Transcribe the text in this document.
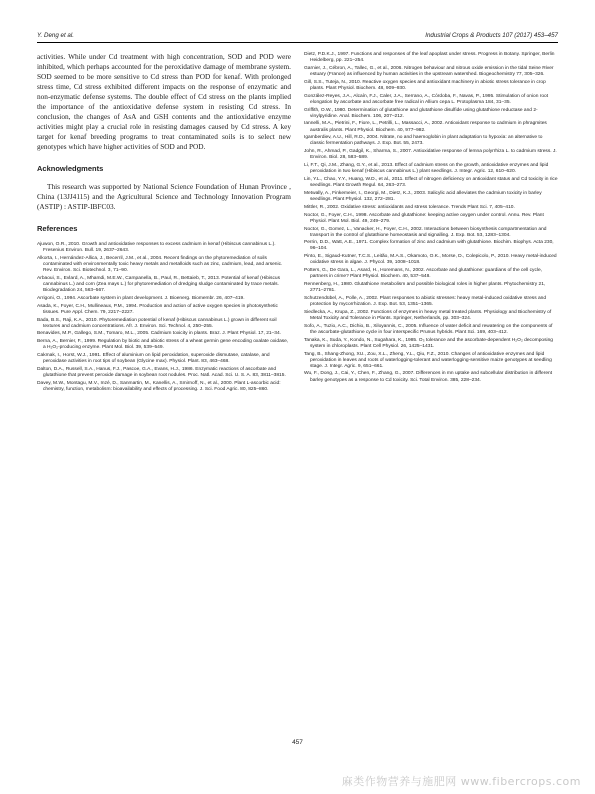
Y. Deng et al.	Industrial Crops & Products 107 (2017) 453–457

activities. While under Cd treatment with high concentration, SOD and POD were inhibited, which perhaps accounted for the peroxidative damage of membrane system. SOD seemed to be more sensitive to Cd stress than POD for kenaf. With prolonged stress time, Cd stress exhibited different impacts on the response of enzymatic and non-enzymatic defense systems. The double effect of Cd stress on the plants implied the importance of the antioxidative defense system in resisting Cd stress. In conclusion, the changes of AsA and GSH contents and the antioxidative enzyme activities might play a crucial role in resisting damages caused by Cd stress. A key target for kenaf breeding programs to treat contaminated soils is to select new genotypes which have higher activities of SOD and POD.

Acknowledgments

This research was supported by National Science Foundation of Hunan Province , China (13JJ4115) and the Agricultural Science and Technology Innovation Program (ASTIP) : ASTIP-IBFC03.

References

Ajuwon, O.R., 2010. Growth and antioxidative responses to excess cadmium in kenaf (Hibiscus cannabinus L.). Fresenius Environ. Bull. 19, 2637–2643.

Alkorta, I., Hernández-Allica, J., Becerril, J.M., et al., 2004. Recent findings on the phytoremediation of soils contaminated with environmentally toxic heavy metals and metalloids such as zinc, cadmium, lead, and arsenic. Rev. Environ. Sci. Biotechnol. 3, 71–90.

Arbaoui, S., Evlard, A., Mhamdi, M.E.W., Campanella, B., Paul, R., Bettaieb, T., 2013. Potential of kenaf (Hibiscus cannabinus L.) and corn (Zea mays L.) for phytoremediation of dredging sludge contaminated by trace metals. Biodegradation 24, 563–567.

Arrigoni, O., 1994. Ascorbate system in plant development. J. Bioenerg. Biomembr. 26, 407–419.

Asada, K., Foyer, C.H., Mullineaux, P.M., 1994. Production and action of active oxygen species in photosynthetic tissues. Pure Appl. Chem. 79, 2217–2227.

Bada, B.S., Raji, K.A., 2010. Phytoremediation potential of kenaf (Hibiscus cannabinus L.) grown in different soil textures and cadmium concentrations. Afr. J. Environ. Sci. Technol. 4, 250–255.

Benavides, M.P., Gallego, S.M., Tomaro, M.L., 2005. Cadmium toxicity in plants. Braz. J. Plant Physiol. 17, 21–34.

Berna, A., Bernier, F., 1999. Regulation by biotic and abiotic stress of a wheat germin gene encoding oxalate oxidase, a H₂O₂-producing enzyme. Plant Mol. Biol. 39, 539–549.

Cakmak, I., Horst, W.J., 1991. Effect of aluminium on lipid peroxidation, superoxide dismutase, catalase, and peroxidase activities in root tips of soybean (Glycine max). Physiol. Plant. 83, 463–468.

Dalton, D.A., Russell, S.A., Hanus, F.J., Pascoe, G.A., Evans, H.J., 1986. Enzymatic reactions of ascorbate and glutathione that prevent peroxide damage in soybean root nodules. Proc. Natl. Acad. Sci. U. S. A. 83, 3811–3815.

Davey, M.W., Montagu, M.V., Inzé, D., Sanmartin, M., Kanellis, A., Smirnoff, N., et al., 2000. Plant L-ascorbic acid: chemistry, function, metabolism: bioavailability and effects of processing. J. Sci. Food Agric. 80, 825–860.

Dietz, P.D.K.J., 1997. Functions and responses of the leaf apoplast under stress. Progress in Botany. Springer, Berlin Heidelberg, pp. 221–254.

Garnier, J., Cébron, A., Tallec, G., et al., 2006. Nitrogen behaviour and nitrous oxide emission in the tidal Seine River estuary (France) as influenced by human activities in the upstream watershed. Biogeochemistry 77, 305–326.

Gill, S.S., Tuteja, N., 2010. Reactive oxygen species and antioxidant machinery in abiotic stress tolerance in crop plants. Plant Physiol. Biochem. 48, 909–930.

González-Reyes, J.A., Alcaín, F.J., Caler, J.A., Serrano, A., Córdoba, F., Navas, P., 1995. Stimulation of onion root elongation by ascorbate and ascorbate free radical in Allium cepa L. Protoplasma 184, 31–35.

Griffith, O.W., 1980. Determination of glutathione and glutathione disulfide using glutathione reductase and 2-vinylpyridine. Anal. Biochem. 106, 207–212.

Iannelli, M.A., Pietrini, F., Fiore, L., Petrilli, L., Massacci, A., 2002. Antioxidant response to cadmium in phragmites australis plants. Plant Physiol. Biochem. 40, 977–982.

Igamberdiev, A.U., Hill, R.D., 2004. Nitrate, no and haemoglobin in plant adaptation to hypoxia: an alternative to classic fermentation pathways. J. Exp. Bot. 55, 2473.

John, R., Ahmad, P., Gadgil, K., Sharma, S., 2007. Antioxidative response of lemna polyrrhiza L. to cadmium stress. J. Environ. Biol. 28, 583–589.

Li, F.T., Qi, J.M., Zhang, G.Y., et al., 2013. Effect of cadmium stress on the growth, antioxidative enzymes and lipid peroxidation in two kenaf (Hibiscus cannabinus L.) plant seedlings. J. Integr. Agric. 12, 610–620.

Lin, Y.L., Chao, Y.Y., Huang, W.D., et al., 2011. Effect of nitrogen deficiency on antioxidant status and Cd toxicity in rice seedlings. Plant Growth Regul. 64, 263–273.

Metwally, A., Finkemeier, I., Georgi, M., Dietz, K.J., 2003. Salicylic acid alleviates the cadmium toxicity in barley seedlings. Plant Physiol. 132, 272–281.

Mittler, R., 2002. Oxidative stress: antioxidants and stress tolerance. Trends Plant Sci. 7, 405–410.

Noctor, G., Foyer, C.H., 1998. Ascorbate and glutathione: keeping active oxygen under control. Annu. Rev. Plant Physiol. Plant Mol. Biol. 49, 249–279.

Noctor, G., Gomez, L., Vanacker, H., Foyer, C.H., 2002. Interactions between biosynthesis compartmentation and transport in the control of glutathione homeostasis and signalling. J. Exp. Bot. 53, 1283–1304.

Perrin, D.D., Watt, A.E., 1971. Complex formation of zinc and cadmium with glutathione. Biochim. Biophys. Acta 230, 96–104.

Pinto, E., Sigaud-Kutner, T.C.S., Leitão, M.A.S., Okamoto, O.K., Morse, D., Colepicolo, P., 2010. Heavy metal-induced oxidative stress in algae. J. Phycol. 39, 1008–1018.

Potters, G., De Gara, L., Asard, H., Horemans, N., 2002. Ascorbate and glutathione: guardians of the cell cycle, partners in crime? Plant Physiol. Biochem. 40, 537–548.

Rennenberg, H., 1980. Glutathione metabolism and possible biological roles in higher plants. Phytochemistry 21, 2771–2781.

Schutzendübel, A., Polle, A., 2002. Plant responses to abiotic stresses: heavy metal-induced oxidative stress and protection by mycorrhization. J. Exp. Bot. 53, 1351–1365.

Siedlecka, A., Krupa, Z., 2002. Functions of enzymes in heavy metal treated plants. Physiology and Biochemistry of Metal Toxicity and Tolerance in Plants. Springer, Netherlands, pp. 303–324.

Sofo, A., Tuzio, A.C., Dichio, B., Xiloyannis, C., 2005. Influence of water deficit and rewatering on the components of the ascorbate-glutathione cycle in four interspecific Prunus hybrids. Plant Sci. 169, 403–412.

Tanaka, K., Suda, Y., Kondo, N., Sugahara, K., 1985. O₃ tolerance and the ascorbate-dependent H₂O₂ decomposing system in chloroplasts. Plant Cell Physiol. 26, 1425–1431.

Tang, B., Shang-Zhong, XU., Zou, X.L., Zheng, Y.L., Qiu, F.Z., 2010. Changes of antioxidative enzymes and lipid peroxidation in leaves and roots of waterlogging-tolerant and waterlogging-sensitive maize genotypes at seedling stage. J. Integr. Agric. 9, 651–661.

Wu, F., Dong, J., Cai, Y., Chen, F., Zhang, G., 2007. Differences in mn uptake and subcellular distribution in different barley genotypes as a response to Cd toxicity. Sci. Total Environ. 385, 228–234.

457
麻类作物营养与施肥网 www.fibercrops.com
